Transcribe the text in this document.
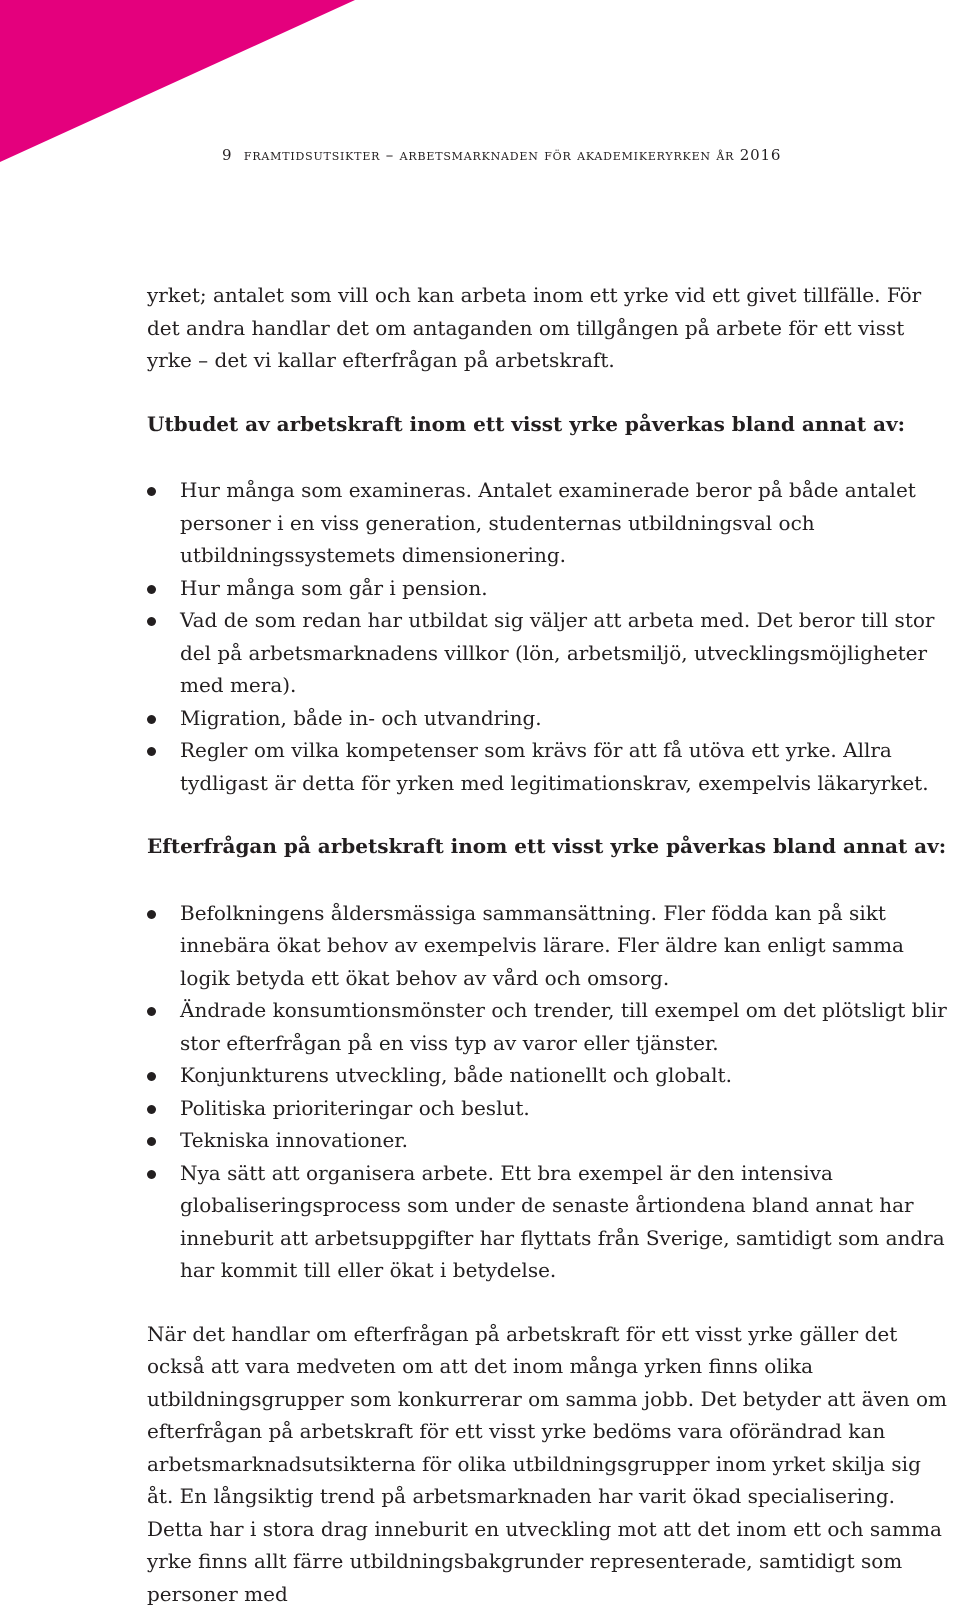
9 framtidsutsikter – arbetsmarknaden för akademikeryrken år 2016

yrket; antalet som vill och kan arbeta inom ett yrke vid ett givet tillfälle. För det andra handlar det om antaganden om tillgången på arbete för ett visst yrke – det vi kallar efterfrågan på arbetskraft.

Utbudet av arbetskraft inom ett visst yrke påverkas bland annat av:
Hur många som examineras. Antalet examinerade beror på både antalet personer i en viss generation, studenternas utbildningsval och utbildningssystemets dimensionering.
Hur många som går i pension.
Vad de som redan har utbildat sig väljer att arbeta med. Det beror till stor del på arbetsmarknadens villkor (lön, arbetsmiljö, utvecklingsmöjligheter med mera).
Migration, både in- och utvandring.
Regler om vilka kompetenser som krävs för att få utöva ett yrke. Allra tydligast är detta för yrken med legitimationskrav, exempelvis läkaryrket.
Efterfrågan på arbetskraft inom ett visst yrke påverkas bland annat av:
Befolkningens åldersmässiga sammansättning. Fler födda kan på sikt innebära ökat behov av exempelvis lärare. Fler äldre kan enligt samma logik betyda ett ökat behov av vård och omsorg.
Ändrade konsumtionsmönster och trender, till exempel om det plötsligt blir stor efterfrågan på en viss typ av varor eller tjänster.
Konjunkturens utveckling, både nationellt och globalt.
Politiska prioriteringar och beslut.
Tekniska innovationer.
Nya sätt att organisera arbete. Ett bra exempel är den intensiva globaliseringsprocess som under de senaste årtiondena bland annat har inneburit att arbetsuppgifter har flyttats från Sverige, samtidigt som andra har kommit till eller ökat i betydelse.

När det handlar om efterfrågan på arbetskraft för ett visst yrke gäller det också att vara medveten om att det inom många yrken finns olika utbildningsgrupper som konkurrerar om samma jobb. Det betyder att även om efterfrågan på arbetskraft för ett visst yrke bedöms vara oförändrad kan arbetsmarknadsutsikterna för olika utbildningsgrupper inom yrket skilja sig åt. En långsiktig trend på arbetsmarknaden har varit ökad specialisering. Detta har i stora drag inneburit en utveckling mot att det inom ett och samma yrke finns allt färre utbildningsbakgrunder representerade, samtidigt som personer med
